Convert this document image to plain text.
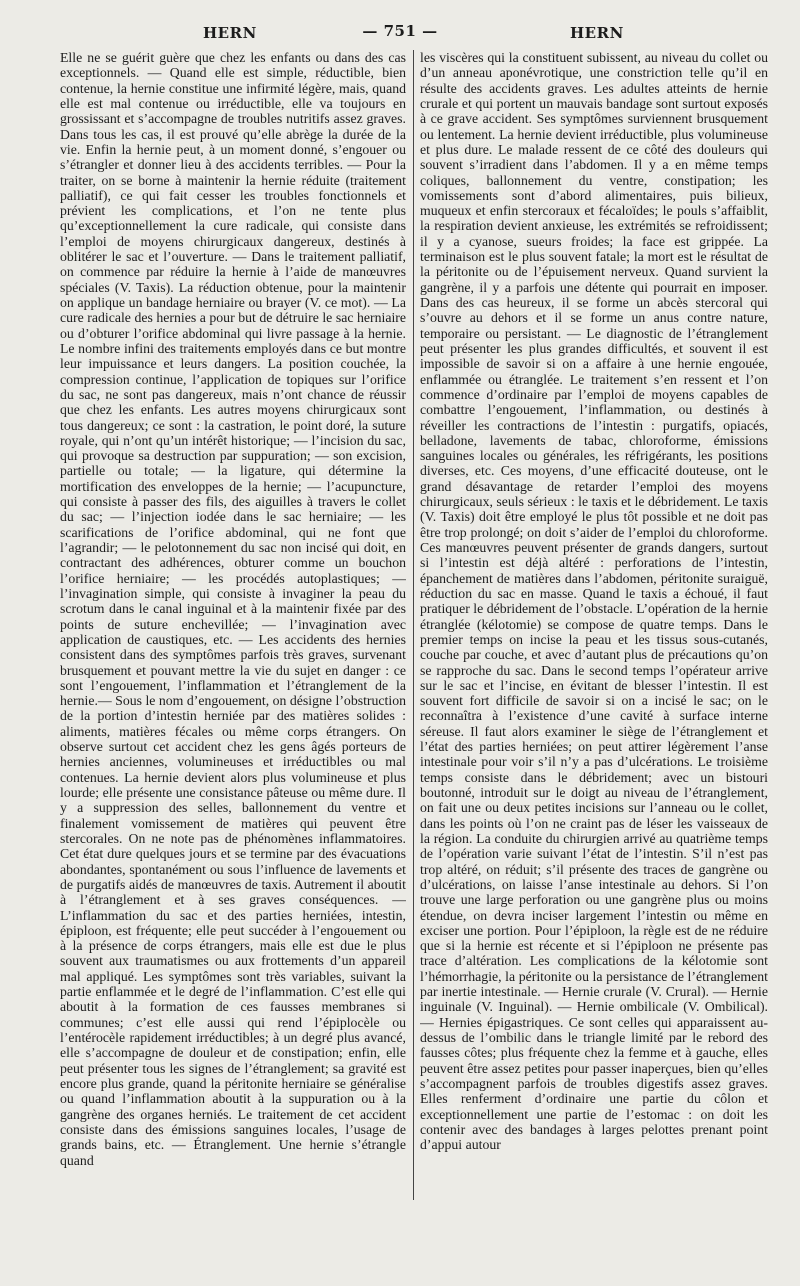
HERN	— 751 —	HERN

Elle ne se guérit guère que chez les enfants ou dans des cas exceptionnels. — Quand elle est simple, réductible, bien contenue, la hernie constitue une infirmité légère, mais, quand elle est mal contenue ou irréductible, elle va toujours en grossissant et s’accompagne de troubles nutritifs assez graves. Dans tous les cas, il est prouvé qu’elle abrège la durée de la vie. Enfin la hernie peut, à un moment donné, s’engouer ou s’étrangler et donner lieu à des accidents terribles. — Pour la traiter, on se borne à maintenir la hernie réduite (traitement palliatif), ce qui fait cesser les troubles fonctionnels et prévient les complications, et l’on ne tente plus qu’exceptionnellement la cure radicale, qui consiste dans l’emploi de moyens chirurgicaux dangereux, destinés à oblitérer le sac et l’ouverture. — Dans le traitement palliatif, on commence par réduire la hernie à l’aide de manœuvres spéciales (V. Taxis). La réduction obtenue, pour la maintenir on applique un bandage herniaire ou brayer (V. ce mot). — La cure radicale des hernies a pour but de détruire le sac herniaire ou d’obturer l’orifice abdominal qui livre passage à la hernie. Le nombre infini des traitements employés dans ce but montre leur impuissance et leurs dangers. La position couchée, la compression continue, l’application de topiques sur l’orifice du sac, ne sont pas dangereux, mais n’ont chance de réussir que chez les enfants. Les autres moyens chirurgicaux sont tous dangereux; ce sont : la castration, le point doré, la suture royale, qui n’ont qu’un intérêt historique; — l’incision du sac, qui provoque sa destruction par suppuration; — son excision, partielle ou totale; — la ligature, qui détermine la mortification des enveloppes de la hernie; — l’acupuncture, qui consiste à passer des fils, des aiguilles à travers le collet du sac; — l’injection iodée dans le sac herniaire; — les scarifications de l’orifice abdominal, qui ne font que l’agrandir; — le pelotonnement du sac non incisé qui doit, en contractant des adhérences, obturer comme un bouchon l’orifice herniaire; — les procédés autoplastiques; — l’invagination simple, qui consiste à invaginer la peau du scrotum dans le canal inguinal et à la maintenir fixée par des points de suture enchevillée; — l’invagination avec application de caustiques, etc. — Les accidents des hernies consistent dans des symptômes parfois très graves, survenant brusquement et pouvant mettre la vie du sujet en danger : ce sont l’engouement, l’inflammation et l’étranglement de la hernie.— Sous le nom d’engouement, on désigne l’obstruction de la portion d’intestin herniée par des matières solides : aliments, matières fécales ou même corps étrangers. On observe surtout cet accident chez les gens âgés porteurs de hernies anciennes, volumineuses et irréductibles ou mal contenues. La hernie devient alors plus volumineuse et plus lourde; elle présente une consistance pâteuse ou même dure. Il y a suppression des selles, ballonnement du ventre et finalement vomissement de matières qui peuvent être stercorales. On ne note pas de phénomènes inflammatoires. Cet état dure quelques jours et se termine par des évacuations abondantes, spontanément ou sous l’influence de lavements et de purgatifs aidés de manœuvres de taxis. Autrement il aboutit à l’étranglement et à ses graves conséquences. — L’inflammation du sac et des parties herniées, intestin, épiploon, est fréquente; elle peut succéder à l’engouement ou à la présence de corps étrangers, mais elle est due le plus souvent aux traumatismes ou aux frottements d’un appareil mal appliqué. Les symptômes sont très variables, suivant la partie enflammée et le degré de l’inflammation. C’est elle qui aboutit à la formation de ces fausses membranes si communes; c’est elle aussi qui rend l’épiplocèle ou l’entérocèle rapidement irréductibles; à un degré plus avancé, elle s’accompagne de douleur et de constipation; enfin, elle peut présenter tous les signes de l’étranglement; sa gravité est encore plus grande, quand la péritonite herniaire se généralise ou quand l’inflammation aboutit à la suppuration ou à la gangrène des organes herniés. Le traitement de cet accident consiste dans des émissions sanguines locales, l’usage de grands bains, etc. — Étranglement. Une hernie s’étrangle quand

les viscères qui la constituent subissent, au niveau du collet ou d’un anneau aponévrotique, une constriction telle qu’il en résulte des accidents graves. Les adultes atteints de hernie crurale et qui portent un mauvais bandage sont surtout exposés à ce grave accident. Ses symptômes surviennent brusquement ou lentement. La hernie devient irréductible, plus volumineuse et plus dure. Le malade ressent de ce côté des douleurs qui souvent s’irradient dans l’abdomen. Il y a en même temps coliques, ballonnement du ventre, constipation; les vomissements sont d’abord alimentaires, puis bilieux, muqueux et enfin stercoraux et fécaloïdes; le pouls s’affaiblit, la respiration devient anxieuse, les extrémités se refroidissent; il y a cyanose, sueurs froides; la face est grippée. La terminaison est le plus souvent fatale; la mort est le résultat de la péritonite ou de l’épuisement nerveux. Quand survient la gangrène, il y a parfois une détente qui pourrait en imposer. Dans des cas heureux, il se forme un abcès stercoral qui s’ouvre au dehors et il se forme un anus contre nature, temporaire ou persistant. — Le diagnostic de l’étranglement peut présenter les plus grandes difficultés, et souvent il est impossible de savoir si on a affaire à une hernie engouée, enflammée ou étranglée. Le traitement s’en ressent et l’on commence d’ordinaire par l’emploi de moyens capables de combattre l’engouement, l’inflammation, ou destinés à réveiller les contractions de l’intestin : purgatifs, opiacés, belladone, lavements de tabac, chloroforme, émissions sanguines locales ou générales, les réfrigérants, les positions diverses, etc. Ces moyens, d’une efficacité douteuse, ont le grand désavantage de retarder l’emploi des moyens chirurgicaux, seuls sérieux : le taxis et le débridement. Le taxis (V. Taxis) doit être employé le plus tôt possible et ne doit pas être trop prolongé; on doit s’aider de l’emploi du chloroforme. Ces manœuvres peuvent présenter de grands dangers, surtout si l’intestin est déjà altéré : perforations de l’intestin, épanchement de matières dans l’abdomen, péritonite suraiguë, réduction du sac en masse. Quand le taxis a échoué, il faut pratiquer le débridement de l’obstacle. L’opération de la hernie étranglée (kélotomie) se compose de quatre temps. Dans le premier temps on incise la peau et les tissus sous-cutanés, couche par couche, et avec d’autant plus de précautions qu’on se rapproche du sac. Dans le second temps l’opérateur arrive sur le sac et l’incise, en évitant de blesser l’intestin. Il est souvent fort difficile de savoir si on a incisé le sac; on le reconnaîtra à l’existence d’une cavité à surface interne séreuse. Il faut alors examiner le siège de l’étranglement et l’état des parties herniées; on peut attirer légèrement l’anse intestinale pour voir s’il n’y a pas d’ulcérations. Le troisième temps consiste dans le débridement; avec un bistouri boutonné, introduit sur le doigt au niveau de l’étranglement, on fait une ou deux petites incisions sur l’anneau ou le collet, dans les points où l’on ne craint pas de léser les vaisseaux de la région. La conduite du chirurgien arrivé au quatrième temps de l’opération varie suivant l’état de l’intestin. S’il n’est pas trop altéré, on réduit; s’il présente des traces de gangrène ou d’ulcérations, on laisse l’anse intestinale au dehors. Si l’on trouve une large perforation ou une gangrène plus ou moins étendue, on devra inciser largement l’intestin ou même en exciser une portion. Pour l’épiploon, la règle est de ne réduire que si la hernie est récente et si l’épiploon ne présente pas trace d’altération. Les complications de la kélotomie sont l’hémorrhagie, la péritonite ou la persistance de l’étranglement par inertie intestinale. — Hernie crurale (V. Crural). — Hernie inguinale (V. Inguinal). — Hernie ombilicale (V. Ombilical). — Hernies épigastriques. Ce sont celles qui apparaissent au-dessus de l’ombilic dans le triangle limité par le rebord des fausses côtes; plus fréquente chez la femme et à gauche, elles peuvent être assez petites pour passer inaperçues, bien qu’elles s’accompagnent parfois de troubles digestifs assez graves. Elles renferment d’ordinaire une partie du côlon et exceptionnellement une partie de l’estomac : on doit les contenir avec des bandages à larges pelottes prenant point d’appui autour
